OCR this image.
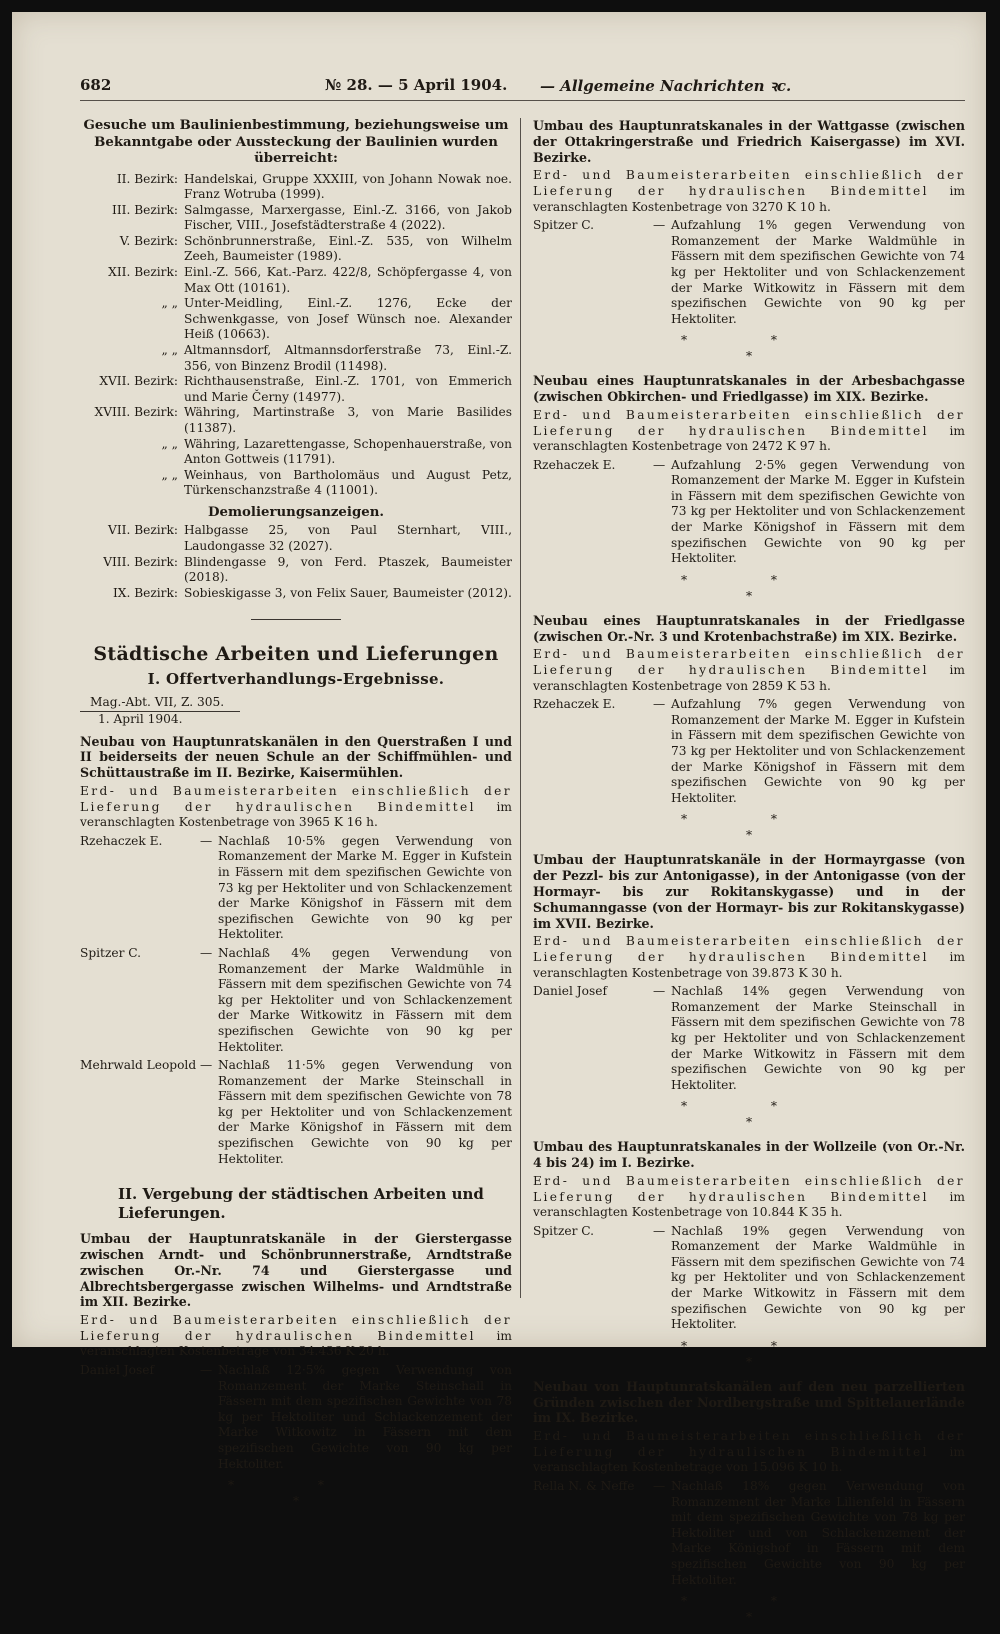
682	№ 28. — 5 April 1904. — Allgemeine Nachrichten ꝛc.
Gesuche um Baulinienbestimmung, beziehungsweise um Bekanntgabe oder Aussteckung der Baulinien wurden überreicht:
II. Bezirk: Handelskai, Gruppe XXXIII, von Johann Nowak noe. Franz Wotruba (1999).
III. Bezirk: Salmgasse, Marxergasse, Einl.-Z. 3166, von Jakob Fischer, VIII., Josefstädterstraße 4 (2022).
V. Bezirk: Schönbrunnerstraße, Einl.-Z. 535, von Wilhelm Zeeh, Baumeister (1989).
XII. Bezirk: Einl.-Z. 566, Kat.-Parz. 422/8, Schöpfergasse 4, von Max Ott (10161).
„ „ Unter-Meidling, Einl.-Z. 1276, Ecke der Schwenkgasse, von Josef Wünsch noe. Alexander Heiß (10663).
„ „ Altmannsdorf, Altmannsdorferstraße 73, Einl.-Z. 356, von Binzenz Brodil (11498).
XVII. Bezirk: Richthausenstraße, Einl.-Z. 1701, von Emmerich und Marie Černy (14977).
XVIII. Bezirk: Währing, Martinstraße 3, von Marie Basilides (11387).
„ „ Währing, Lazarettengasse, Schopenhauerstraße, von Anton Gottweis (11791).
„ „ Weinhaus, von Bartholomäus und August Petz, Türkenschanzstraße 4 (11001).
Demolierungsanzeigen.
VII. Bezirk: Halbgasse 25, von Paul Sternhart, VIII., Laudongasse 32 (2027).
VIII. Bezirk: Blindengasse 9, von Ferd. Ptaszek, Baumeister (2018).
IX. Bezirk: Sobieskigasse 3, von Felix Sauer, Baumeister (2012).
Städtische Arbeiten und Lieferungen
I. Offertverhandlungs-Ergebnisse.
Mag.-Abt. VII, Z. 305.
1. April 1904.
Neubau von Hauptunratskanälen in den Querstraßen I und II beiderseits der neuen Schule an der Schiffmühlen- und Schüttaustraße im II. Bezirke, Kaisermühlen.
Erd- und Baumeisterarbeiten einschließlich der Lieferung der hydraulischen Bindemittel im veranschlagten Kostenbetrage von 3965 K 16 h.
Rzehaczek E.	— Nachlaß 10·5% gegen Verwendung von Romanzement der Marke M. Egger in Kufstein in Fässern mit dem spezifischen Gewichte von 73 kg per Hektoliter und von Schlackenzement der Marke Königshof in Fässern mit dem spezifischen Gewichte von 90 kg per Hektoliter.
Spitzer C.	— Nachlaß 4% gegen Verwendung von Romanzement der Marke Waldmühle in Fässern mit dem spezifischen Gewichte von 74 kg per Hektoliter und von Schlackenzement der Marke Witkowitz in Fässern mit dem spezifischen Gewichte von 90 kg per Hektoliter.
Mehrwald Leopold — Nachlaß 11·5% gegen Verwendung von Romanzement der Marke Steinschall in Fässern mit dem spezifischen Gewichte von 78 kg per Hektoliter und von Schlackenzement der Marke Königshof in Fässern mit dem spezifischen Gewichte von 90 kg per Hektoliter.
II. Vergebung der städtischen Arbeiten und Lieferungen.
Umbau der Hauptunratskanäle in der Gierstergasse zwischen Arndt- und Schönbrunnerstraße, Arndtstraße zwischen Or.-Nr. 74 und Gierstergasse und Albrechtsbergergasse zwischen Wilhelms- und Arndtstraße im XII. Bezirke.
Erd- und Baumeisterarbeiten einschließlich der Lieferung der hydraulischen Bindemittel im veranschlagten Kostenbetrage von 34.436 K 20 h.
Daniel Josef	— Nachlaß 12·5% gegen Verwendung von Romanzement der Marke Steinschall in Fässern mit dem spezifischen Gewichte von 78 kg per Hektoliter und Schlackenzement der Marke Witkowitz in Fässern mit dem spezifischen Gewichte von 90 kg per Hektoliter.
* *
*
Umbau des Hauptunratskanales in der Wattgasse (zwischen der Ottakringerstraße und Friedrich Kaisergasse) im XVI. Bezirke.
Erd- und Baumeisterarbeiten einschließlich der Lieferung der hydraulischen Bindemittel im veranschlagten Kostenbetrage von 3270 K 10 h.
Spitzer C.	— Aufzahlung 1% gegen Verwendung von Romanzement der Marke Waldmühle in Fässern mit dem spezifischen Gewichte von 74 kg per Hektoliter und von Schlackenzement der Marke Witkowitz in Fässern mit dem spezifischen Gewichte von 90 kg per Hektoliter.
* *
*
Neubau eines Hauptunratskanales in der Arbesbachgasse (zwischen Obkirchen- und Friedlgasse) im XIX. Bezirke.
Erd- und Baumeisterarbeiten einschließlich der Lieferung der hydraulischen Bindemittel im veranschlagten Kostenbetrage von 2472 K 97 h.
Rzehaczek E.	— Aufzahlung 2·5% gegen Verwendung von Romanzement der Marke M. Egger in Kufstein in Fässern mit dem spezifischen Gewichte von 73 kg per Hektoliter und von Schlackenzement der Marke Königshof in Fässern mit dem spezifischen Gewichte von 90 kg per Hektoliter.
* *
*
Neubau eines Hauptunratskanales in der Friedlgasse (zwischen Or.-Nr. 3 und Krotenbachstraße) im XIX. Bezirke.
Erd- und Baumeisterarbeiten einschließlich der Lieferung der hydraulischen Bindemittel im veranschlagten Kostenbetrage von 2859 K 53 h.
Rzehaczek E.	— Aufzahlung 7% gegen Verwendung von Romanzement der Marke M. Egger in Kufstein in Fässern mit dem spezifischen Gewichte von 73 kg per Hektoliter und von Schlackenzement der Marke Königshof in Fässern mit dem spezifischen Gewichte von 90 kg per Hektoliter.
* *
*
Umbau der Hauptunratskanäle in der Hormayrgasse (von der Pezzl- bis zur Antonigasse), in der Antonigasse (von der Hormayr- bis zur Rokitanskygasse) und in der Schumanngasse (von der Hormayr- bis zur Rokitanskygasse) im XVII. Bezirke.
Erd- und Baumeisterarbeiten einschließlich der Lieferung der hydraulischen Bindemittel im veranschlagten Kostenbetrage von 39.873 K 30 h.
Daniel Josef	— Nachlaß 14% gegen Verwendung von Romanzement der Marke Steinschall in Fässern mit dem spezifischen Gewichte von 78 kg per Hektoliter und von Schlackenzement der Marke Witkowitz in Fässern mit dem spezifischen Gewichte von 90 kg per Hektoliter.
* *
*
Umbau des Hauptunratskanales in der Wollzeile (von Or.-Nr. 4 bis 24) im I. Bezirke.
Erd- und Baumeisterarbeiten einschließlich der Lieferung der hydraulischen Bindemittel im veranschlagten Kostenbetrage von 10.844 K 35 h.
Spitzer C.	— Nachlaß 19% gegen Verwendung von Romanzement der Marke Waldmühle in Fässern mit dem spezifischen Gewichte von 74 kg per Hektoliter und von Schlackenzement der Marke Witkowitz in Fässern mit dem spezifischen Gewichte von 90 kg per Hektoliter.
* *
*
Neubau von Hauptunratskanälen auf den neu parzellierten Gründen zwischen der Nordbergstraße und Spittelauerlände im IX. Bezirke.
Erd- und Baumeisterarbeiten einschließlich der Lieferung der hydraulischen Bindemittel im veranschlagten Kostenbetrage von 15.096 K 10 h.
Rella N. & Neffe	— Nachlaß 18% gegen Verwendung von Romanzement der Marke Lilienfeld in Fässern mit dem spezifischen Gewichte von 78 kg per Hektoliter und von Schlackenzement der Marke Königshof in Fässern mit dem spezifischen Gewichte von 90 kg per Hektoliter.
* *
*
